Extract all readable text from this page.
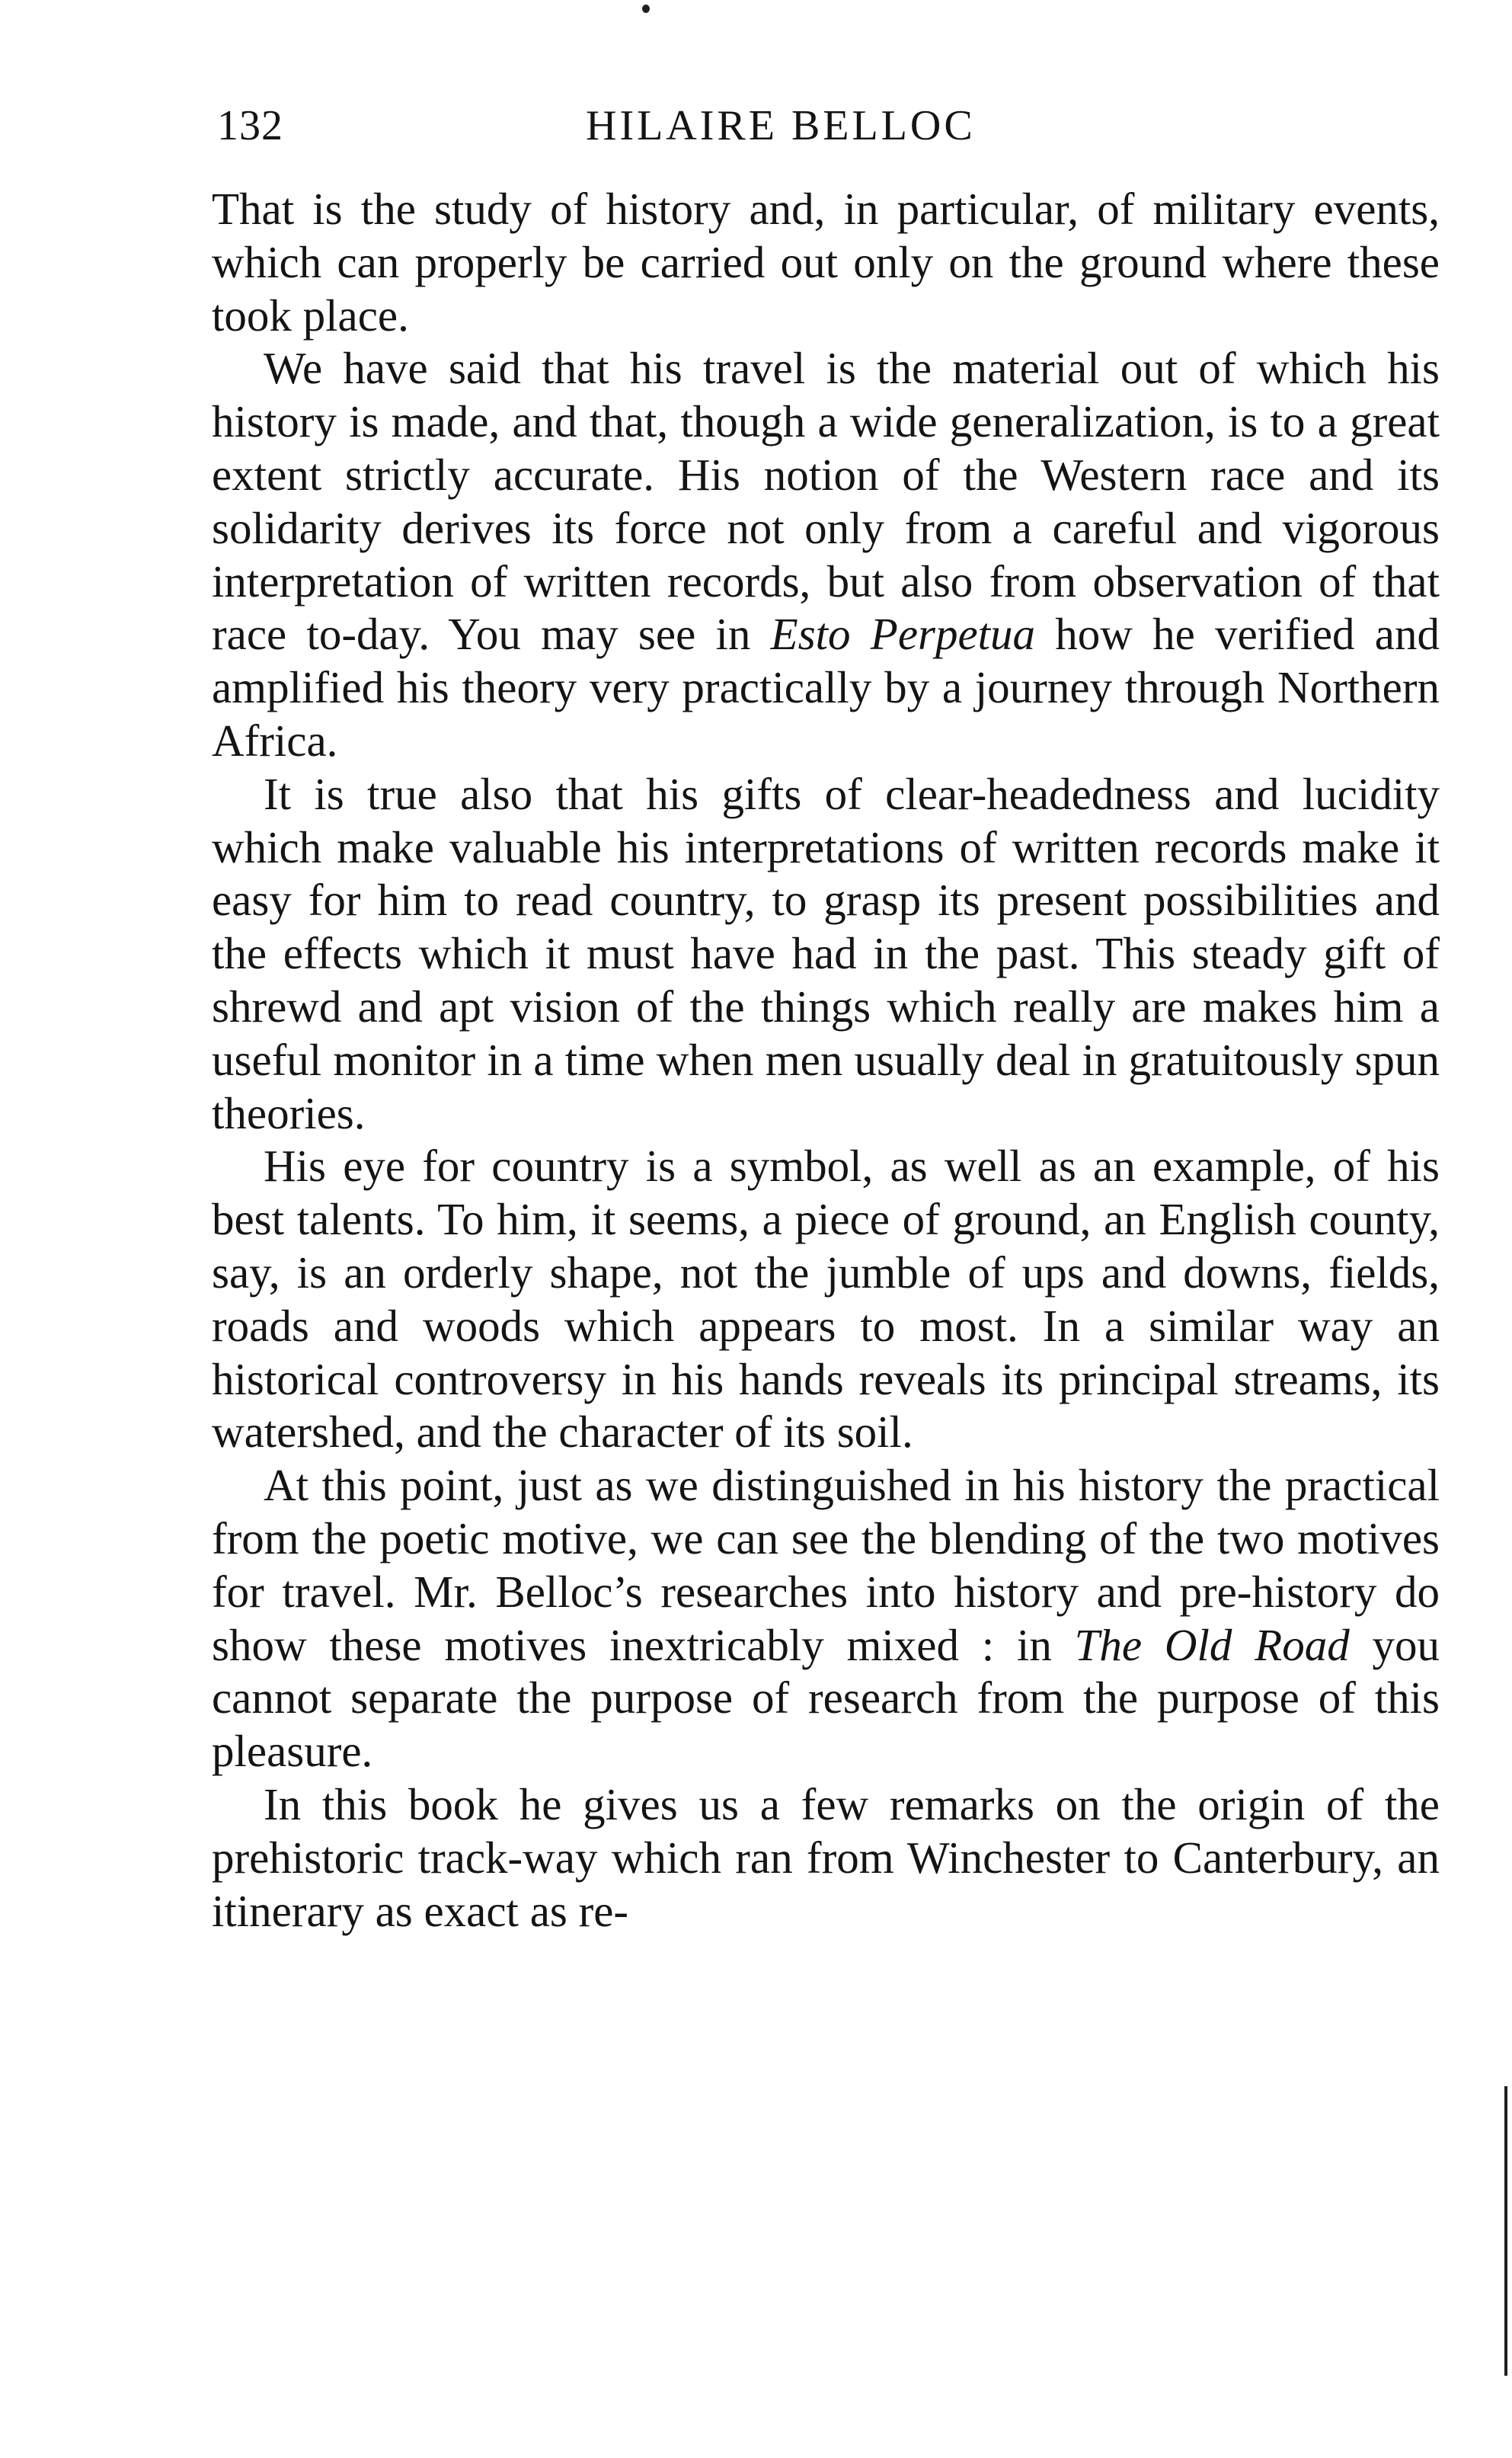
132	HILAIRE BELLOC

That is the study of history and, in particular, of military events, which can properly be carried out only on the ground where these took place.

We have said that his travel is the material out of which his history is made, and that, though a wide generalization, is to a great extent strictly accurate. His notion of the Western race and its solidarity derives its force not only from a careful and vigorous interpretation of written records, but also from observation of that race to-day. You may see in Esto Perpetua how he verified and amplified his theory very practically by a journey through Northern Africa.

It is true also that his gifts of clear-headedness and lucidity which make valuable his interpretations of written records make it easy for him to read country, to grasp its present possibilities and the effects which it must have had in the past. This steady gift of shrewd and apt vision of the things which really are makes him a useful monitor in a time when men usually deal in gratuitously spun theories.

His eye for country is a symbol, as well as an example, of his best talents. To him, it seems, a piece of ground, an English county, say, is an orderly shape, not the jumble of ups and downs, fields, roads and woods which appears to most. In a similar way an historical controversy in his hands reveals its principal streams, its watershed, and the character of its soil.

At this point, just as we distinguished in his history the practical from the poetic motive, we can see the blending of the two motives for travel. Mr. Belloc’s researches into history and pre-history do show these motives inextricably mixed : in The Old Road you cannot separate the purpose of research from the purpose of this pleasure.

In this book he gives us a few remarks on the origin of the prehistoric track-way which ran from Winchester to Canterbury, an itinerary as exact as re-
